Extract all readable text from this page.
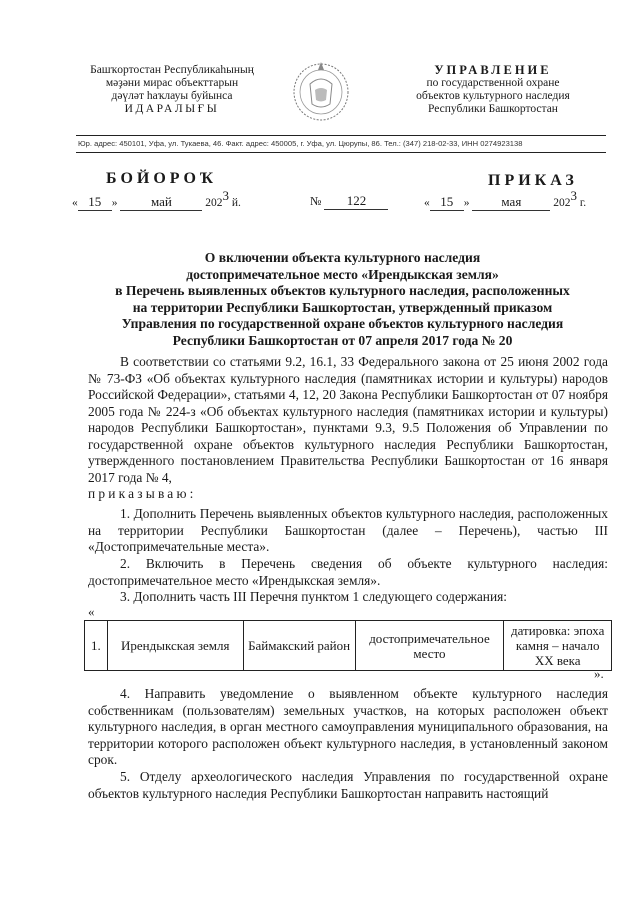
Башҡортостан Республикаһының
мәҙәни мирас объекттарын
дәүләт һаҡлауы буйынса
ИДАРАЛЫҒЫ
УПРАВЛЕНИЕ
по государственной охране
объектов культурного наследия
Республики Башкортостан
Юр. адрес: 450101, Уфа, ул. Тукаева, 46. Факт. адрес: 450005, г. Уфа, ул. Цюрупы, 86. Тел.: (347) 218-02-33, ИНН 0274923138
БОЙОРОҠ	ПРИКАЗ
« 15 » май	2023 й.	№ 122	« 15 » мая	2023 г.
О включении объекта культурного наследия
достопримечательное место «Ирендыкская земля»
в Перечень выявленных объектов культурного наследия, расположенных
на территории Республики Башкортостан, утвержденный приказом
Управления по государственной охране объектов культурного наследия
Республики Башкортостан от 07 апреля 2017 года № 20
В соответствии со статьями 9.2, 16.1, 33 Федерального закона от 25 июня 2002 года № 73-ФЗ «Об объектах культурного наследия (памятниках истории и культуры) народов Российской Федерации», статьями 4, 12, 20 Закона Республики Башкортостан от 07 ноября 2005 года № 224-з «Об объектах культурного наследия (памятниках истории и культуры) народов Республики Башкортостан», пунктами 9.3, 9.5 Положения об Управлении по государственной охране объектов культурного наследия Республики Башкортостан, утвержденного постановлением Правительства Республики Башкортостан от 16 января 2017 года № 4,
приказываю:
1. Дополнить Перечень выявленных объектов культурного наследия, расположенных на территории Республики Башкортостан (далее – Перечень), частью III «Достопримечательные места».
2. Включить в Перечень сведения об объекте культурного наследия: достопримечательное место «Ирендыкская земля».
3. Дополнить часть III Перечня пунктом 1 следующего содержания:
«
1.	Ирендыкская земля	Баймакский район	достопримечательное место	датировка: эпоха камня – начало XX века
».
4. Направить уведомление о выявленном объекте культурного наследия собственникам (пользователям) земельных участков, на которых расположен объект культурного наследия, в орган местного самоуправления муниципального образования, на территории которого расположен объект культурного наследия, в установленный законом срок.
5. Отделу археологического наследия Управления по государственной охране объектов культурного наследия Республики Башкортостан направить настоящий
